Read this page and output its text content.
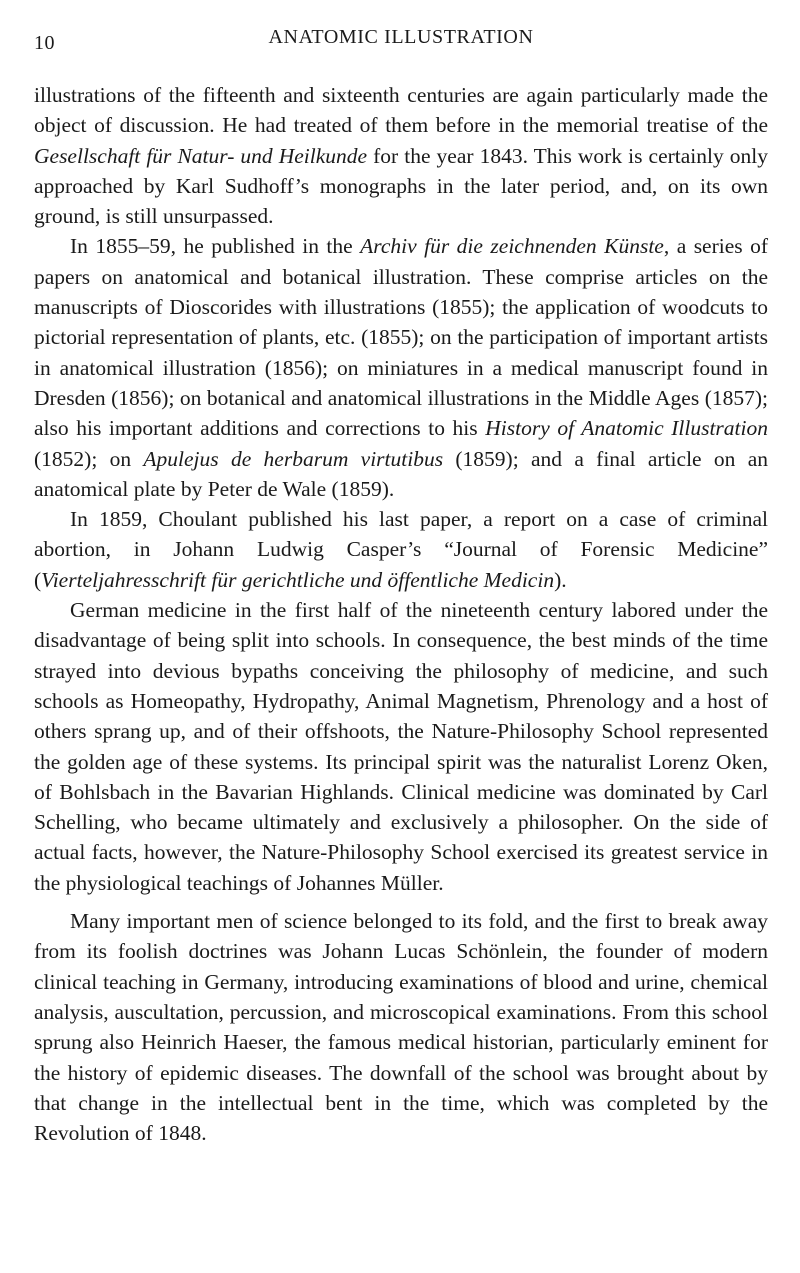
10	ANATOMIC ILLUSTRATION

illustrations of the fifteenth and sixteenth centuries are again particularly made the object of discussion. He had treated of them before in the memorial treatise of the Gesellschaft für Natur- und Heilkunde for the year 1843. This work is certainly only approached by Karl Sudhoff’s monographs in the later period, and, on its own ground, is still unsurpassed.

In 1855–59, he published in the Archiv für die zeichnenden Künste, a series of papers on anatomical and botanical illustration. These comprise articles on the manuscripts of Dioscorides with illustrations (1855); the application of woodcuts to pictorial representation of plants, etc. (1855); on the participation of important artists in anatomical illustration (1856); on miniatures in a medical manuscript found in Dresden (1856); on botanical and anatomical illustrations in the Middle Ages (1857); also his important additions and corrections to his History of Anatomic Illustration (1852); on Apulejus de herbarum virtutibus (1859); and a final article on an anatomical plate by Peter de Wale (1859).

In 1859, Choulant published his last paper, a report on a case of criminal abortion, in Johann Ludwig Casper’s “Journal of Forensic Medicine” (Vierteljahresschrift für gerichtliche und öffentliche Medicin).

German medicine in the first half of the nineteenth century labored under the disadvantage of being split into schools. In consequence, the best minds of the time strayed into devious bypaths conceiving the philosophy of medicine, and such schools as Homeopathy, Hydropathy, Animal Magnetism, Phrenology and a host of others sprang up, and of their offshoots, the Nature-Philosophy School represented the golden age of these systems. Its principal spirit was the naturalist Lorenz Oken, of Bohlsbach in the Bavarian Highlands. Clinical medicine was dominated by Carl Schelling, who became ultimately and exclusively a philosopher. On the side of actual facts, however, the Nature-Philosophy School exercised its greatest service in the physiological teachings of Johannes Müller.

Many important men of science belonged to its fold, and the first to break away from its foolish doctrines was Johann Lucas Schönlein, the founder of modern clinical teaching in Germany, introducing examinations of blood and urine, chemical analysis, auscultation, percussion, and microscopical examinations. From this school sprung also Heinrich Haeser, the famous medical historian, particularly eminent for the history of epidemic diseases. The downfall of the school was brought about by that change in the intellectual bent in the time, which was completed by the Revolution of 1848.
